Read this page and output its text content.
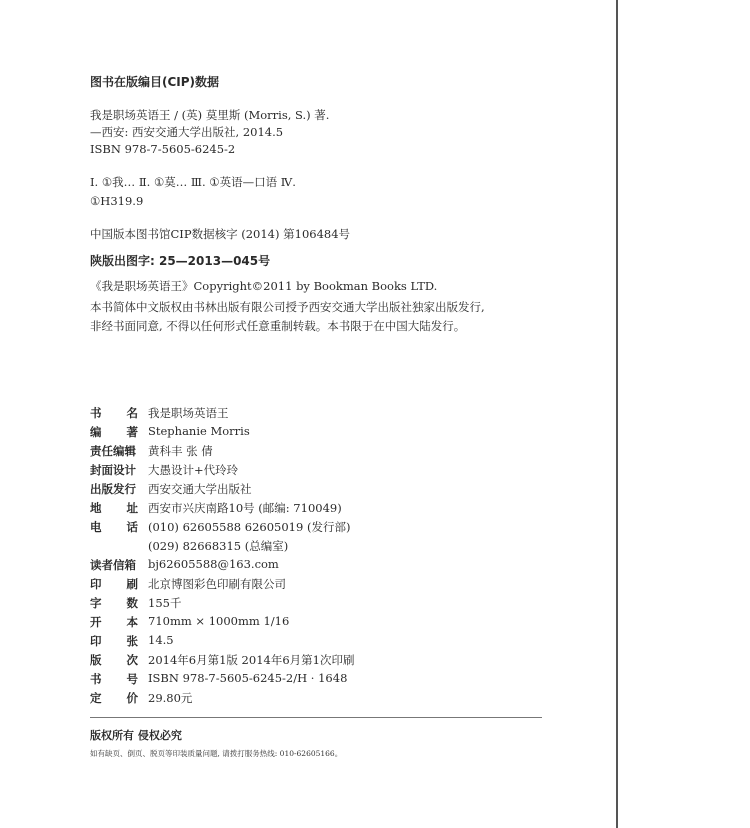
图书在版编目(CIP)数据
我是职场英语王 / (英) 莫里斯 (Morris, S.) 著.
—西安: 西安交通大学出版社, 2014.5
ISBN 978-7-5605-6245-2
Ⅰ. ①我… Ⅱ. ①莫… Ⅲ. ①英语—口语 Ⅳ.
①H319.9
中国版本图书馆CIP数据核字 (2014) 第106484号
陕版出图字: 25—2013—045号
《我是职场英语王》Copyright©2011 by Bookman Books LTD.
本书简体中文版权由书林出版有限公司授予西安交通大学出版社独家出版发行,
非经书面同意, 不得以任何形式任意重制转载。本书限于在中国大陆发行。
书 名 我是职场英语王
编 著 Stephanie Morris
责任编辑 黄科丰 张 倩
封面设计 大愚设计+代玲玲
出版发行 西安交通大学出版社
地 址 西安市兴庆南路10号 (邮编: 710049)
电 话 (010) 62605588 62605019 (发行部)
(029) 82668315 (总编室)
读者信箱 bj62605588@163.com
印 刷 北京博图彩色印刷有限公司
字 数 155千
开 本 710mm × 1000mm 1/16
印 张 14.5
版 次 2014年6月第1版 2014年6月第1次印刷
书 号 ISBN 978-7-5605-6245-2/H · 1648
定 价 29.80元
版权所有 侵权必究
如有缺页、倒页、脱页等印装质量问题, 请拨打服务热线: 010-62605166。
